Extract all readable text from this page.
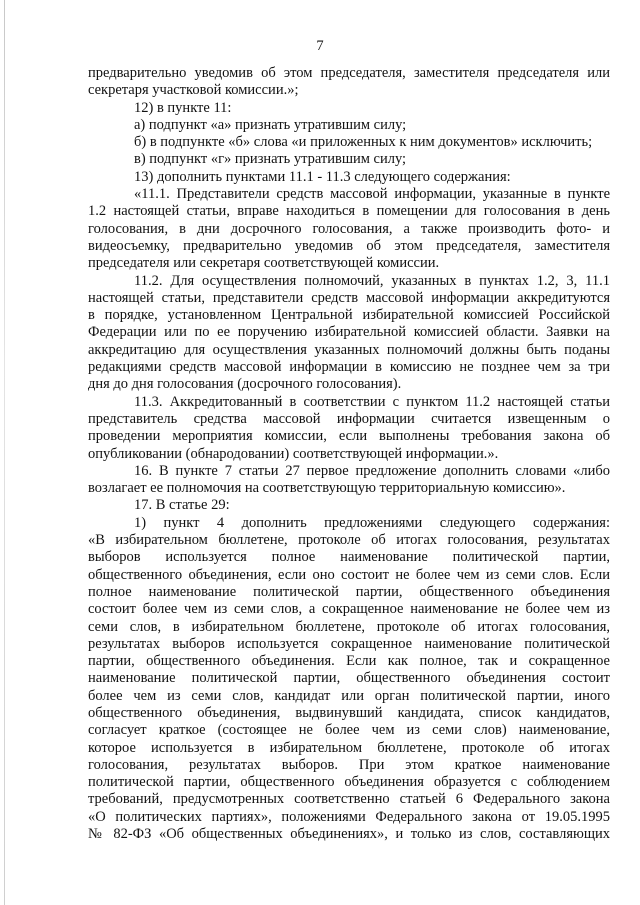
7

предварительно уведомив об этом председателя, заместителя председателя или

секретаря участковой комиссии.»;

12) в пункте 11:

а) подпункт «а» признать утратившим силу;

б) в подпункте «б» слова «и приложенных к ним документов» исключить;

в) подпункт «г» признать утратившим силу;

13) дополнить пунктами 11.1 - 11.3 следующего содержания:

«11.1. Представители средств массовой информации, указанные в пункте

1.2 настоящей статьи, вправе находиться в помещении для голосования в день

голосования, в дни досрочного голосования, а также производить фото- и

видеосъемку, предварительно уведомив об этом председателя, заместителя

председателя или секретаря соответствующей комиссии.

11.2. Для осуществления полномочий, указанных в пунктах 1.2, 3, 11.1

настоящей статьи, представители средств массовой информации аккредитуются

в порядке, установленном Центральной избирательной комиссией Российской

Федерации или по ее поручению избирательной комиссией области. Заявки на

аккредитацию для осуществления указанных полномочий должны быть поданы

редакциями средств массовой информации в комиссию не позднее чем за три

дня до дня голосования (досрочного голосования).

11.3. Аккредитованный в соответствии с пунктом 11.2 настоящей статьи

представитель средства массовой информации считается извещенным о

проведении мероприятия комиссии, если выполнены требования закона об

опубликовании (обнародовании) соответствующей информации.».

16. В пункте 7 статьи 27 первое предложение дополнить словами «либо

возлагает ее полномочия на соответствующую территориальную комиссию».

17. В статье 29:

1) пункт 4 дополнить предложениями следующего содержания:

«В избирательном бюллетене, протоколе об итогах голосования, результатах

выборов используется полное наименование политической партии,

общественного объединения, если оно состоит не более чем из семи слов. Если

полное наименование политической партии, общественного объединения

состоит более чем из семи слов, а сокращенное наименование не более чем из

семи слов, в избирательном бюллетене, протоколе об итогах голосования,

результатах выборов используется сокращенное наименование политической

партии, общественного объединения. Если как полное, так и сокращенное

наименование политической партии, общественного объединения состоит

более чем из семи слов, кандидат или орган политической партии, иного

общественного объединения, выдвинувший кандидата, список кандидатов,

согласует краткое (состоящее не более чем из семи слов) наименование,

которое используется в избирательном бюллетене, протоколе об итогах

голосования, результатах выборов. При этом краткое наименование

политической партии, общественного объединения образуется с соблюдением

требований, предусмотренных соответственно статьей 6 Федерального закона

«О политических партиях», положениями Федерального закона от 19.05.1995

№ 82-ФЗ «Об общественных объединениях», и только из слов, составляющих
